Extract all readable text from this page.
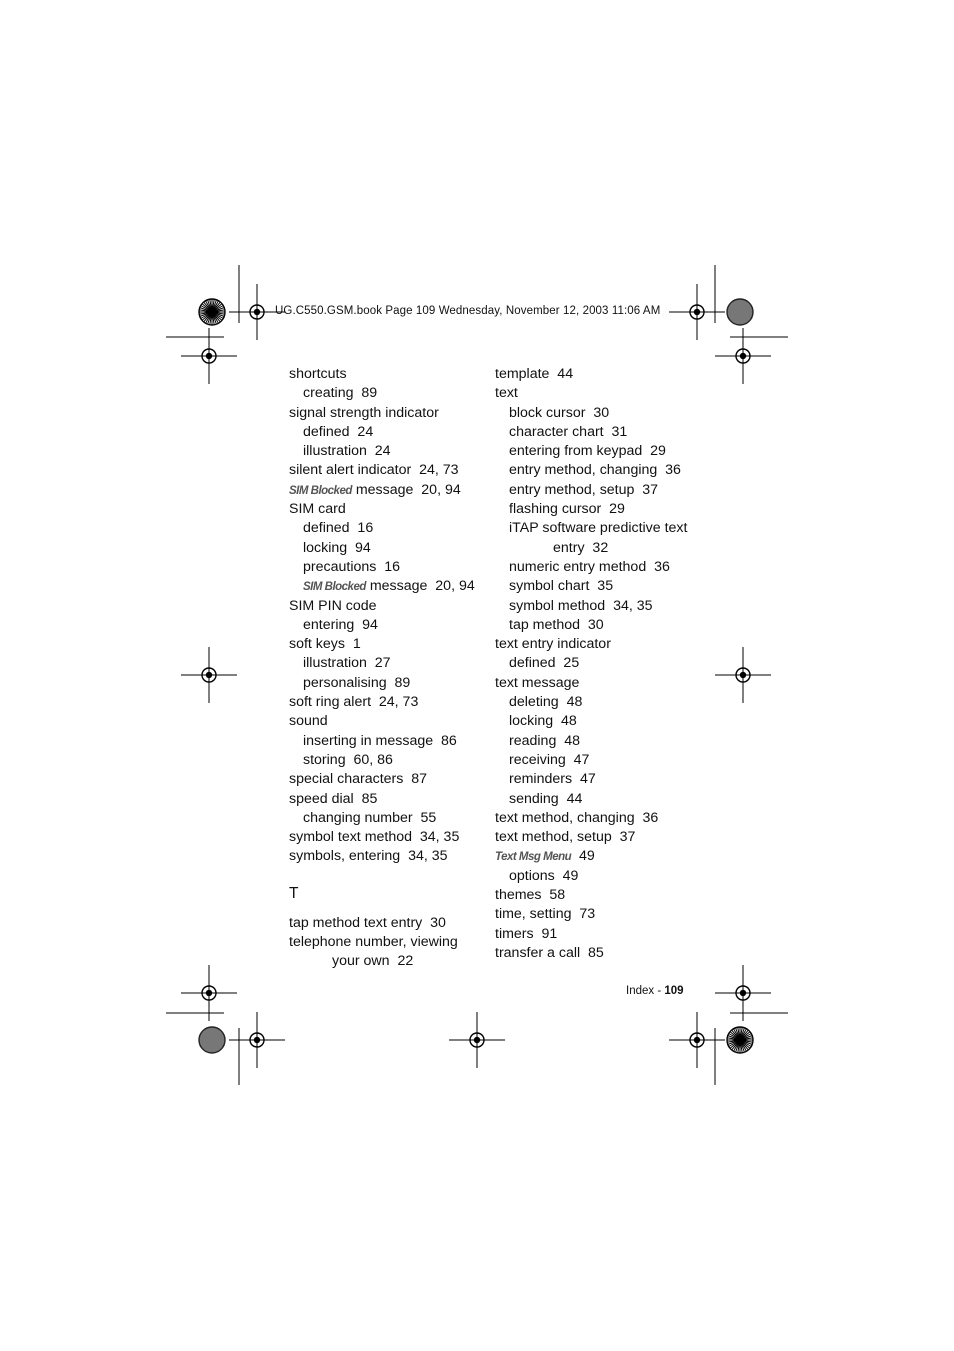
UG.C550.GSM.book Page 109 Wednesday, November 12, 2003 11:06 AM
shortcuts
creating  89
signal strength indicator
defined  24
illustration  24
silent alert indicator  24, 73
SIM Blocked message  20, 94
SIM card
defined  16
locking  94
precautions  16
SIM Blocked message  20, 94
SIM PIN code
entering  94
soft keys  1
illustration  27
personalising  89
soft ring alert  24, 73
sound
inserting in message  86
storing  60, 86
special characters  87
speed dial  85
changing number  55
symbol text method  34, 35
symbols, entering  34, 35
T
tap method text entry  30
telephone number, viewing
your own  22
template  44
text
block cursor  30
character chart  31
entering from keypad  29
entry method, changing  36
entry method, setup  37
flashing cursor  29
iTAP software predictive text
entry  32
numeric entry method  36
symbol chart  35
symbol method  34, 35
tap method  30
text entry indicator
defined  25
text message
deleting  48
locking  48
reading  48
receiving  47
reminders  47
sending  44
text method, changing  36
text method, setup  37
Text Msg Menu  49
options  49
themes  58
time, setting  73
timers  91
transfer a call  85
Index - 109
